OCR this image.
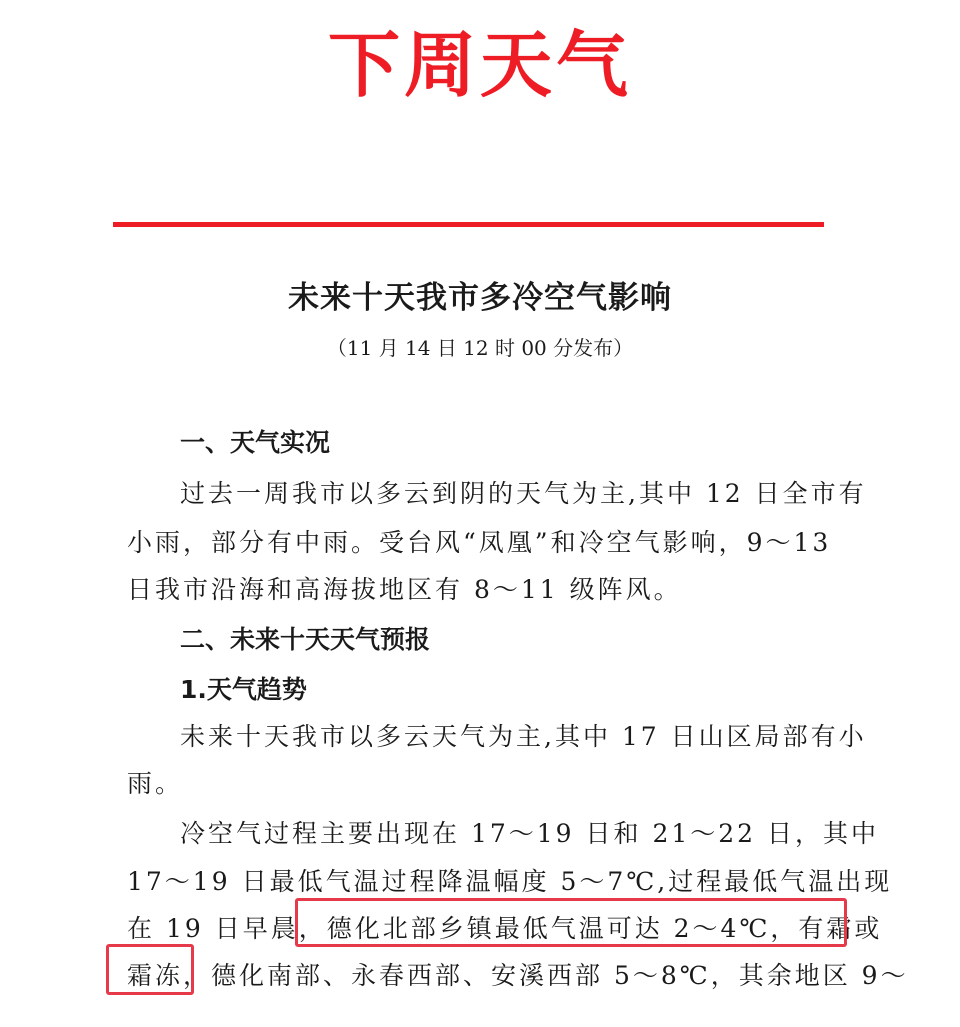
下周天气
未来十天我市多冷空气影响
（11 月 14 日 12 时 00 分发布）
一、天气实况
过去一周我市以多云到阴的天气为主,其中 12 日全市有
小雨，部分有中雨。受台风“凤凰”和冷空气影响，9～13
日我市沿海和高海拔地区有 8～11 级阵风。
二、未来十天天气预报
1.天气趋势
未来十天我市以多云天气为主,其中 17 日山区局部有小
雨。
冷空气过程主要出现在 17～19 日和 21～22 日，其中
17～19 日最低气温过程降温幅度 5～7℃,过程最低气温出现
在 19 日早晨，德化北部乡镇最低气温可达 2～4℃，有霜或
霜冻，德化南部、永春西部、安溪西部 5～8℃，其余地区 9～
